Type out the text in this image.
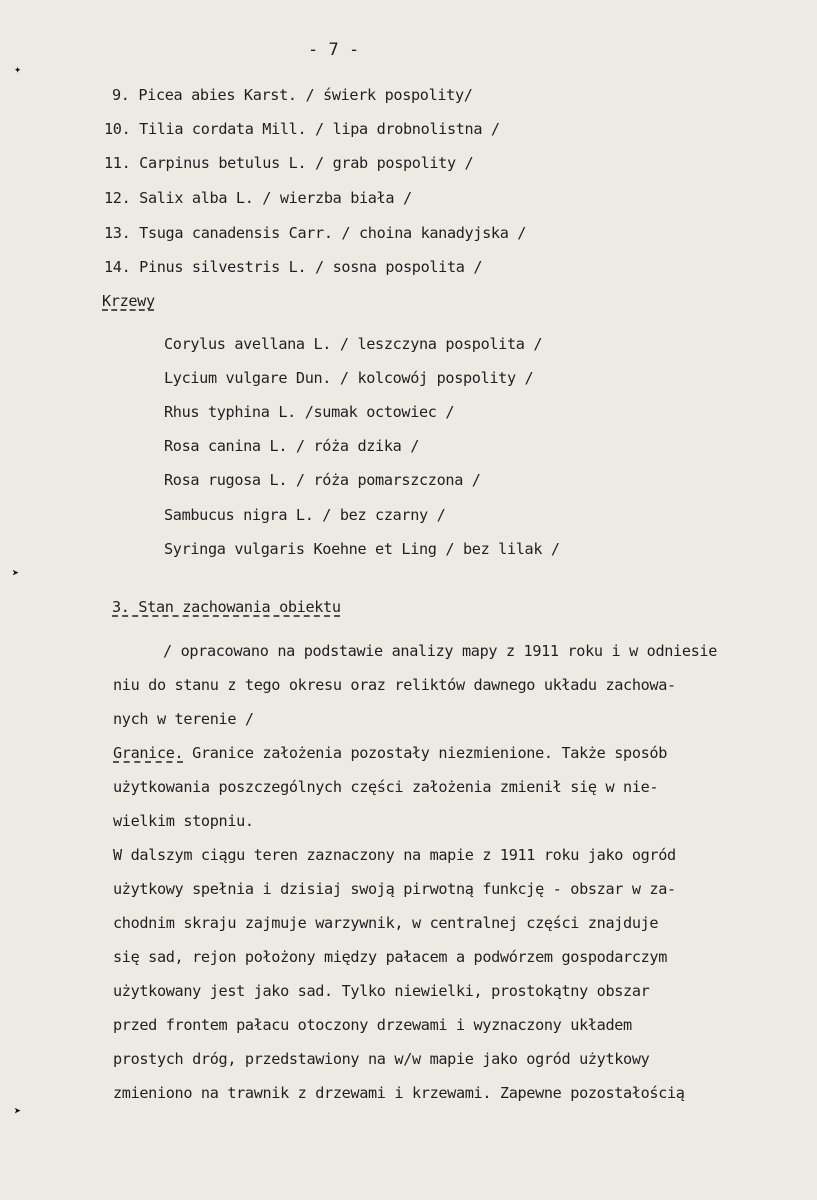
- 7 -
✦
➤
➤
9. Picea abies Karst. / świerk pospolity/
10. Tilia cordata Mill. / lipa drobnolistna /
11. Carpinus betulus L. / grab pospolity /
12. Salix alba L. / wierzba biała /
13. Tsuga canadensis Carr. / choina kanadyjska /
14. Pinus silvestris L. / sosna pospolita /
Krzewy
Corylus avellana L. / leszczyna pospolita /
Lycium vulgare Dun. / kolcowój pospolity /
Rhus typhina L. /sumak octowiec /
Rosa canina L. / róża dzika /
Rosa rugosa L. / róża pomarszczona /
Sambucus nigra L. / bez czarny /
Syringa vulgaris Koehne et Ling / bez lilak /
3. Stan zachowania obiektu
/ opracowano na podstawie analizy mapy z 1911 roku i w odniesie
niu do stanu z tego okresu oraz reliktów dawnego układu zachowa-
nych w terenie /
Granice. Granice założenia pozostały niezmienione. Także sposób
użytkowania poszczególnych części założenia zmienił się w nie-
wielkim stopniu.
W dalszym ciągu teren zaznaczony na mapie z 1911 roku jako ogród
użytkowy spełnia i dzisiaj swoją pirwotną funkcję - obszar w za-
chodnim skraju zajmuje warzywnik, w centralnej części znajduje
się sad, rejon położony między pałacem a podwórzem gospodarczym
użytkowany jest jako sad. Tylko niewielki, prostokątny obszar
przed frontem pałacu otoczony drzewami i wyznaczony układem
prostych dróg, przedstawiony na w/w mapie jako ogród użytkowy
zmieniono na trawnik z drzewami i krzewami. Zapewne pozostałością
